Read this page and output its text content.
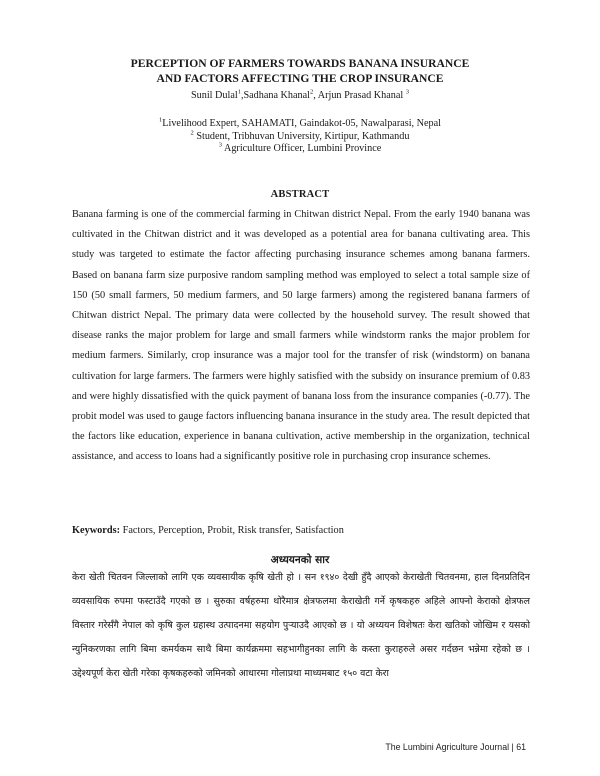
PERCEPTION OF FARMERS TOWARDS BANANA INSURANCE
AND FACTORS AFFECTING THE CROP INSURANCE
Sunil Dulal$^1$,Sadhana Khanal$^2$, Arjun Prasad Khanal $^3$
$^1$Livelihood Expert, SAHAMATI, Gaindakot-05, Nawalparasi, Nepal
$^2$ Student, Tribhuvan University, Kirtipur, Kathmandu
$^3$ Agriculture Officer, Lumbini Province
ABSTRACT

Banana farming is one of the commercial farming in Chitwan district Nepal. From the early 1940 banana was cultivated in the Chitwan district and it was developed as a potential area for banana cultivating area. This study was targeted to estimate the factor affecting purchasing insurance schemes among banana farmers. Based on banana farm size purposive random sampling method was employed to select a total sample size of 150 (50 small farmers, 50 medium farmers, and 50 large farmers) among the registered banana farmers of Chitwan district Nepal. The primary data were collected by the household survey. The result showed that disease ranks the major problem for large and small farmers while windstorm ranks the major problem for medium farmers. Similarly, crop insurance was a major tool for the transfer of risk (windstorm) on banana cultivation for large farmers. The farmers were highly satisfied with the subsidy on insurance premium of 0.83 and were highly dissatisfied with the quick payment of banana loss from the insurance companies (-0.77). The probit model was used to gauge factors influencing banana insurance in the study area. The result depicted that the factors like education, experience in banana cultivation, active membership in the organization, technical assistance, and access to loans had a significantly positive role in purchasing crop insurance schemes.

Keywords: Factors, Perception, Probit, Risk transfer, Satisfaction

अध्ययनको सार

केरा खेती चितवन जिल्लाको लागि एक व्यवसायीक कृषि खेती हो । सन १९४० देखी हुँदै आएको केराखेती चितवनमा, हाल दिनप्रतिदिन व्यवसायिक रुपमा फस्टाउँदै गएको छ । सुरुका वर्षहरुमा थोरैमात्र क्षेत्रफलमा केराखेती गर्ने कृषकहरु अहिले आफ्नो केराको क्षेत्रफल विस्तार गरेर्सँगै नेपाल को कृषि कुल ग्रहास्थ उत्पादनमा सहयोग पुऱ्याउदै आएको छ । यो अध्ययन विशेषतः केरा खतिको जोखिम र यसको न्युनिकरणका लागि बिमा कमर्यकम साथै बिमा कार्यक्रममा सहभागीहुनका लागि के कस्ता कुराहरुले असर गर्दछन भन्नेमा रहेको छ । उद्देश्यपूर्ण केरा खेती गरेका कृषकहरुको जमिनको आधारमा गोलाप्रथा माध्यमबाट १५० वटा केरा

The Lumbini Agriculture Journal | 61
